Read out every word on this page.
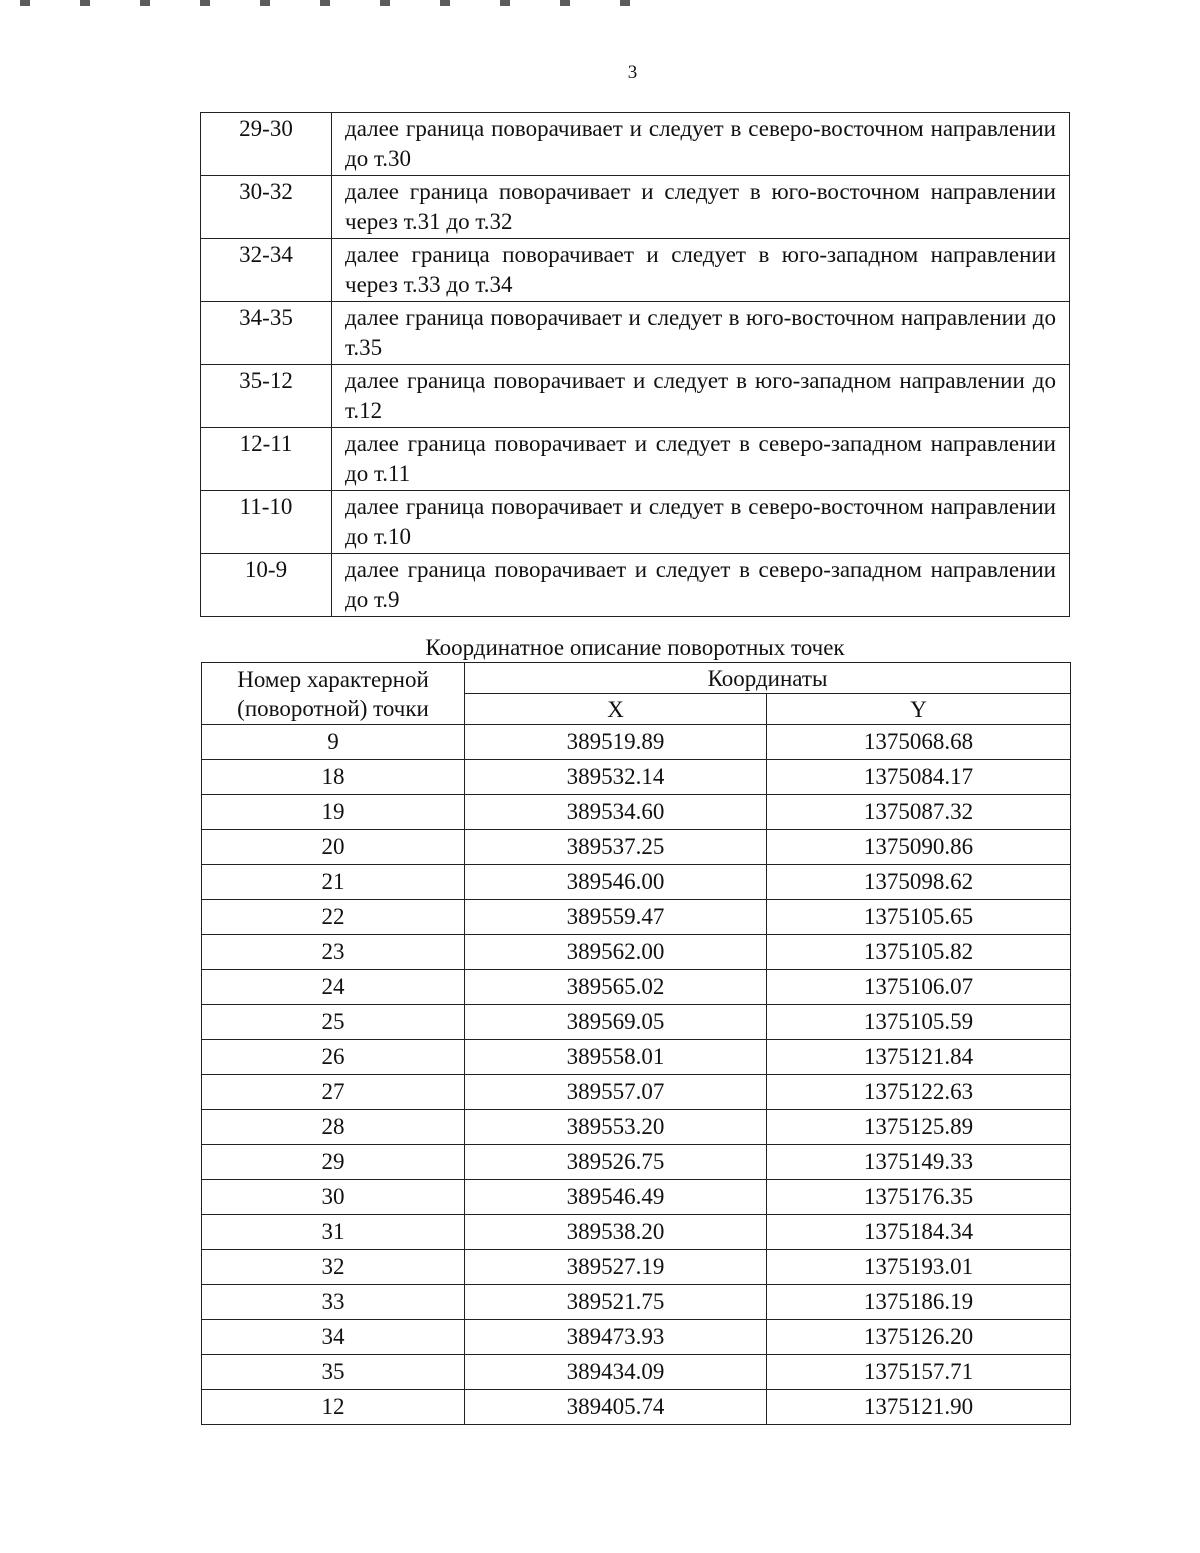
3
29-30	далее граница поворачивает и следует в северо-восточном направлении до т.30
30-32	далее граница поворачивает и следует в юго-восточном направлении через т.31 до т.32
32-34	далее граница поворачивает и следует в юго-западном направлении через т.33 до т.34
34-35	далее граница поворачивает и следует в юго-восточном направлении до т.35
35-12	далее граница поворачивает и следует в юго-западном направлении до т.12
12-11	далее граница поворачивает и следует в северо-западном направлении до т.11
11-10	далее граница поворачивает и следует в северо-восточном направлении до т.10
10-9	далее граница поворачивает и следует в северо-западном направлении до т.9
Координатное описание поворотных точек
Номер характерной
(поворотной) точки	Координаты	
	X	Y
9	389519.89	1375068.68
18	389532.14	1375084.17
19	389534.60	1375087.32
20	389537.25	1375090.86
21	389546.00	1375098.62
22	389559.47	1375105.65
23	389562.00	1375105.82
24	389565.02	1375106.07
25	389569.05	1375105.59
26	389558.01	1375121.84
27	389557.07	1375122.63
28	389553.20	1375125.89
29	389526.75	1375149.33
30	389546.49	1375176.35
31	389538.20	1375184.34
32	389527.19	1375193.01
33	389521.75	1375186.19
34	389473.93	1375126.20
35	389434.09	1375157.71
12	389405.74	1375121.90
